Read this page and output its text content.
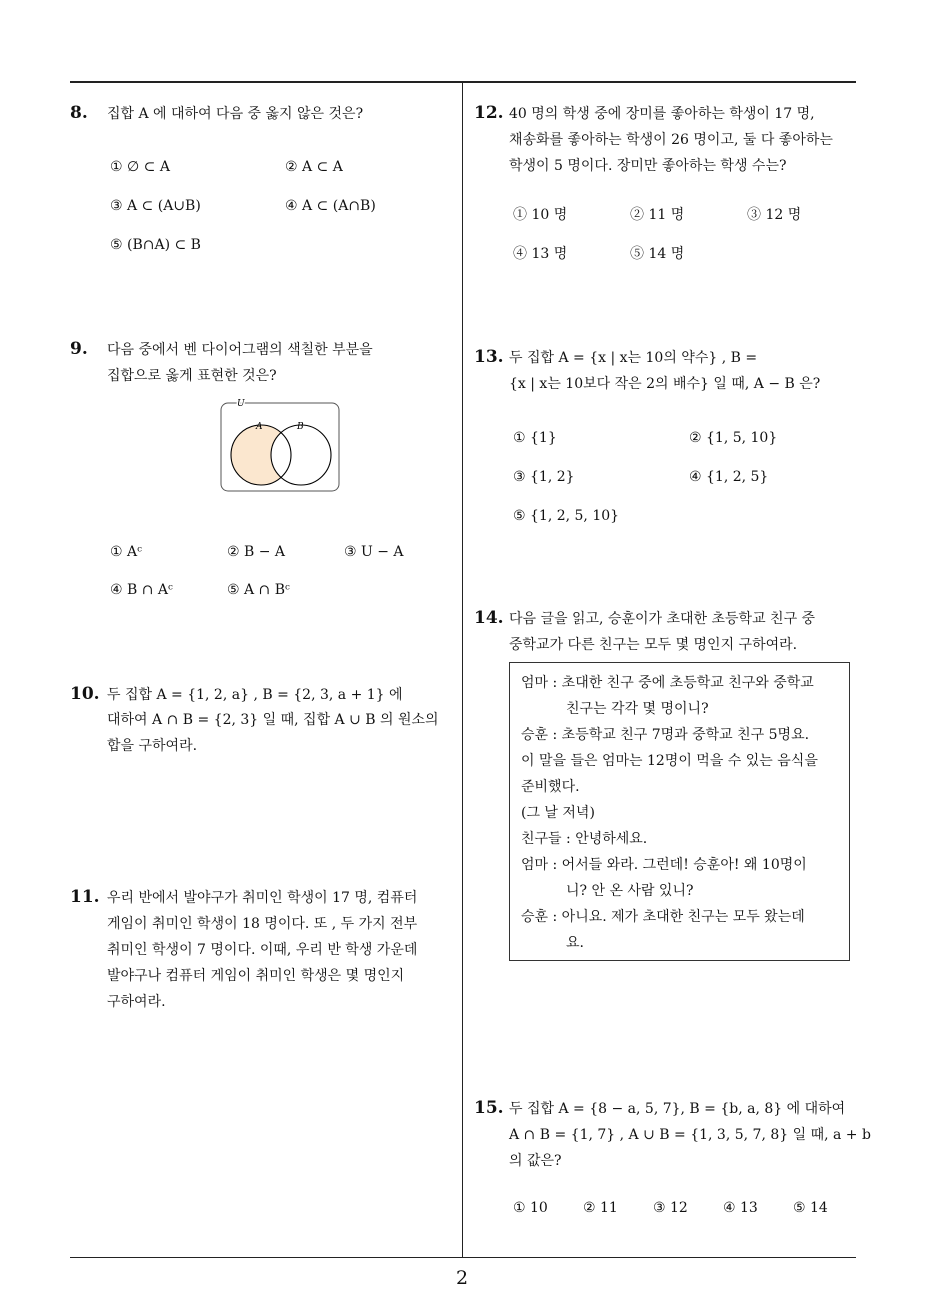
8. 집합 A 에 대하여 다음 중 옳지 않은 것은?
① ∅ ⊂ A	② A ⊂ A
③ A ⊂ (A∪B)	④ A ⊂ (A∩B)
⑤ (B∩A) ⊂ B
9. 다음 중에서 벤 다이어그램의 색칠한 부분을
집합으로 옳게 표현한 것은?
U
A	B
① Aᶜ	② B − A	③ U − A
④ B ∩ Aᶜ	⑤ A ∩ Bᶜ
10. 두 집합 A = {1, 2, a} , B = {2, 3, a + 1} 에
대하여 A ∩ B = {2, 3} 일 때, 집합 A ∪ B 의 원소의
합을 구하여라.
11. 우리 반에서 발야구가 취미인 학생이 17 명, 컴퓨터
게임이 취미인 학생이 18 명이다. 또 , 두 가지 전부
취미인 학생이 7 명이다. 이때, 우리 반 학생 가운데
발야구나 컴퓨터 게임이 취미인 학생은 몇 명인지
구하여라.
12. 40 명의 학생 중에 장미를 좋아하는 학생이 17 명,
채송화를 좋아하는 학생이 26 명이고, 둘 다 좋아하는
학생이 5 명이다. 장미만 좋아하는 학생 수는?
① 10 명	② 11 명	③ 12 명
④ 13 명	⑤ 14 명
13. 두 집합 A = {x | x는 10의 약수} , B =
{x | x는 10보다 작은 2의 배수} 일 때, A − B 은?
① {1}	② {1, 5, 10}
③ {1, 2}	④ {1, 2, 5}
⑤ {1, 2, 5, 10}
14. 다음 글을 읽고, 승훈이가 초대한 초등학교 친구 중
중학교가 다른 친구는 모두 몇 명인지 구하여라.
엄마 : 초대한 친구 중에 초등학교 친구와 중학교
친구는 각각 몇 명이니?
승훈 : 초등학교 친구 7명과 중학교 친구 5명요.
이 말을 들은 엄마는 12명이 먹을 수 있는 음식을
준비했다.
(그 날 저녁)
친구들 : 안녕하세요.
엄마 : 어서들 와라. 그런데! 승훈아! 왜 10명이
니? 안 온 사람 있니?
승훈 : 아니요. 제가 초대한 친구는 모두 왔는데
요.
15. 두 집합 A = {8 − a, 5, 7}, B = {b, a, 8} 에 대하여
A ∩ B = {1, 7} , A ∪ B = {1, 3, 5, 7, 8} 일 때, a + b
의 값은?
① 10	② 11	③ 12	④ 13	⑤ 14
2
